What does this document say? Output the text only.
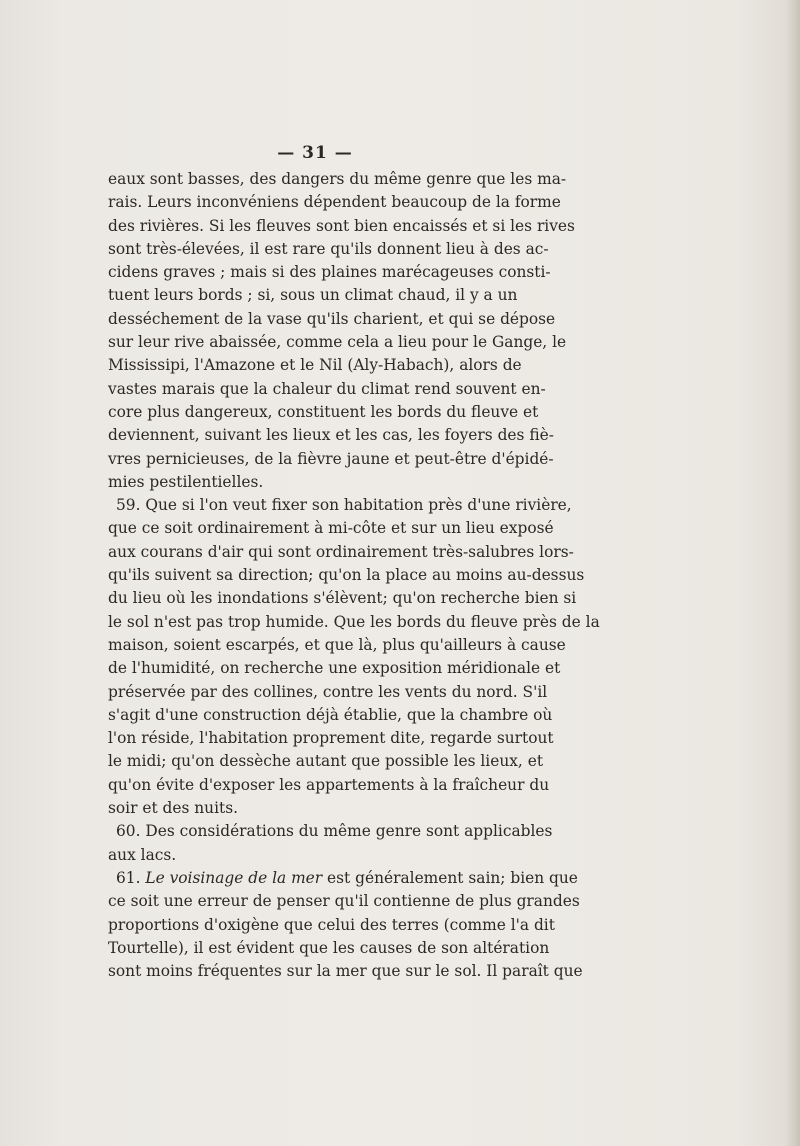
— 31 —
eaux sont basses, des dangers du même genre que les ma-
rais. Leurs inconvéniens dépendent beaucoup de la forme
des rivières. Si les fleuves sont bien encaissés et si les rives
sont très-élevées, il est rare qu'ils donnent lieu à des ac-
cidens graves ; mais si des plaines marécageuses consti-
tuent leurs bords ; si, sous un climat chaud, il y a un
desséchement de la vase qu'ils charient, et qui se dépose
sur leur rive abaissée, comme cela a lieu pour le Gange, le
Mississipi, l'Amazone et le Nil (Aly-Habach), alors de
vastes marais que la chaleur du climat rend souvent en-
core plus dangereux, constituent les bords du fleuve et
deviennent, suivant les lieux et les cas, les foyers des fiè-
vres pernicieuses, de la fièvre jaune et peut-être d'épidé-
mies pestilentielles.
59. Que si l'on veut fixer son habitation près d'une rivière,
que ce soit ordinairement à mi-côte et sur un lieu exposé
aux courans d'air qui sont ordinairement très-salubres lors-
qu'ils suivent sa direction; qu'on la place au moins au-dessus
du lieu où les inondations s'élèvent; qu'on recherche bien si
le sol n'est pas trop humide. Que les bords du fleuve près de la
maison, soient escarpés, et que là, plus qu'ailleurs à cause
de l'humidité, on recherche une exposition méridionale et
préservée par des collines, contre les vents du nord. S'il
s'agit d'une construction déjà établie, que la chambre où
l'on réside, l'habitation proprement dite, regarde surtout
le midi; qu'on dessèche autant que possible les lieux, et
qu'on évite d'exposer les appartements à la fraîcheur du
soir et des nuits.
60. Des considérations du même genre sont applicables
aux lacs.
61. Le voisinage de la mer est généralement sain; bien que
ce soit une erreur de penser qu'il contienne de plus grandes
proportions d'oxigène que celui des terres (comme l'a dit
Tourtelle), il est évident que les causes de son altération
sont moins fréquentes sur la mer que sur le sol. Il paraît que
